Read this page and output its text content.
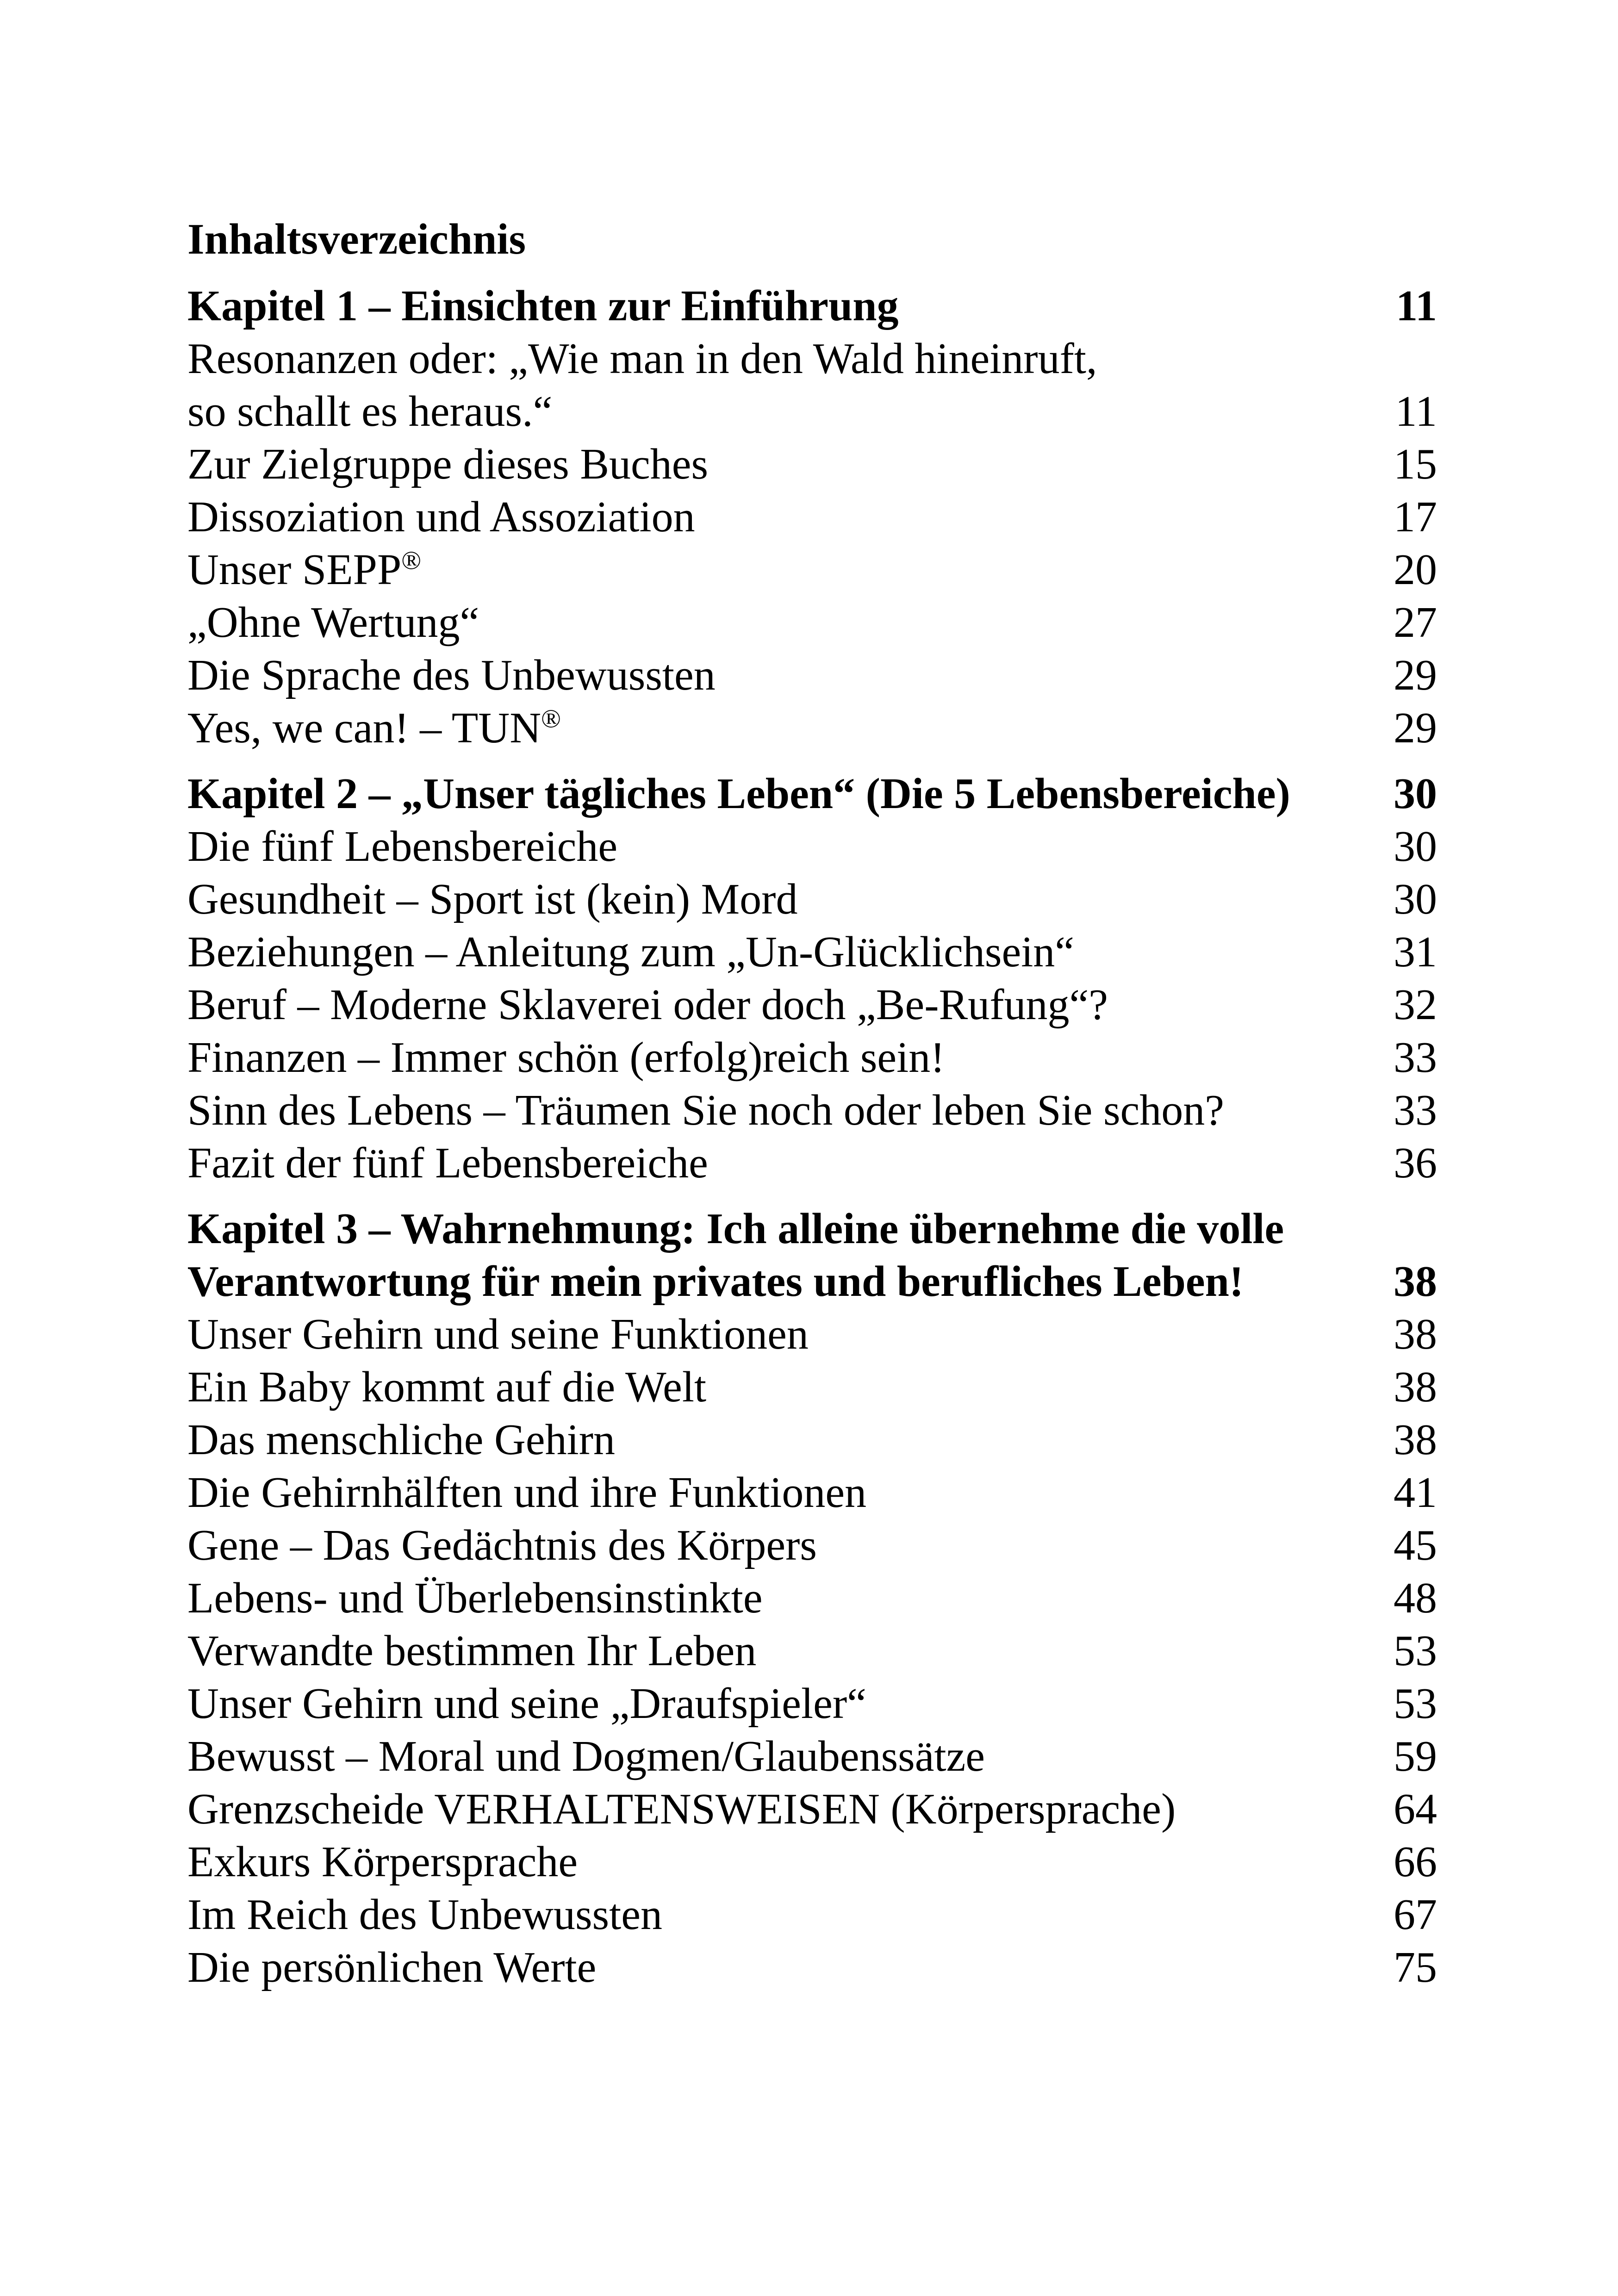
Inhaltsverzeichnis
Kapitel 1 – Einsichten zur Einführung	11
Resonanzen oder: „Wie man in den Wald hineinruft,
so schallt es heraus.“	11
Zur Zielgruppe dieses Buches	15
Dissoziation und Assoziation	17
Unser SEPP®	20
„Ohne Wertung“	27
Die Sprache des Unbewussten	29
Yes, we can! – TUN®	29
Kapitel 2 – „Unser tägliches Leben“ (Die 5 Lebensbereiche)	30
Die fünf Lebensbereiche	30
Gesundheit – Sport ist (kein) Mord	30
Beziehungen – Anleitung zum „Un-Glücklichsein“	31
Beruf – Moderne Sklaverei oder doch „Be-Rufung“?	32
Finanzen – Immer schön (erfolg)reich sein!	33
Sinn des Lebens – Träumen Sie noch oder leben Sie schon?	33
Fazit der fünf Lebensbereiche	36
Kapitel 3 – Wahrnehmung: Ich alleine übernehme die volle
Verantwortung für mein privates und berufliches Leben!	38
Unser Gehirn und seine Funktionen	38
Ein Baby kommt auf die Welt	38
Das menschliche Gehirn	38
Die Gehirnhälften und ihre Funktionen	41
Gene – Das Gedächtnis des Körpers	45
Lebens- und Überlebensinstinkte	48
Verwandte bestimmen Ihr Leben	53
Unser Gehirn und seine „Draufspieler“	53
Bewusst – Moral und Dogmen/Glaubenssätze	59
Grenzscheide VERHALTENSWEISEN (Körpersprache)	64
Exkurs Körpersprache	66
Im Reich des Unbewussten	67
Die persönlichen Werte	75
